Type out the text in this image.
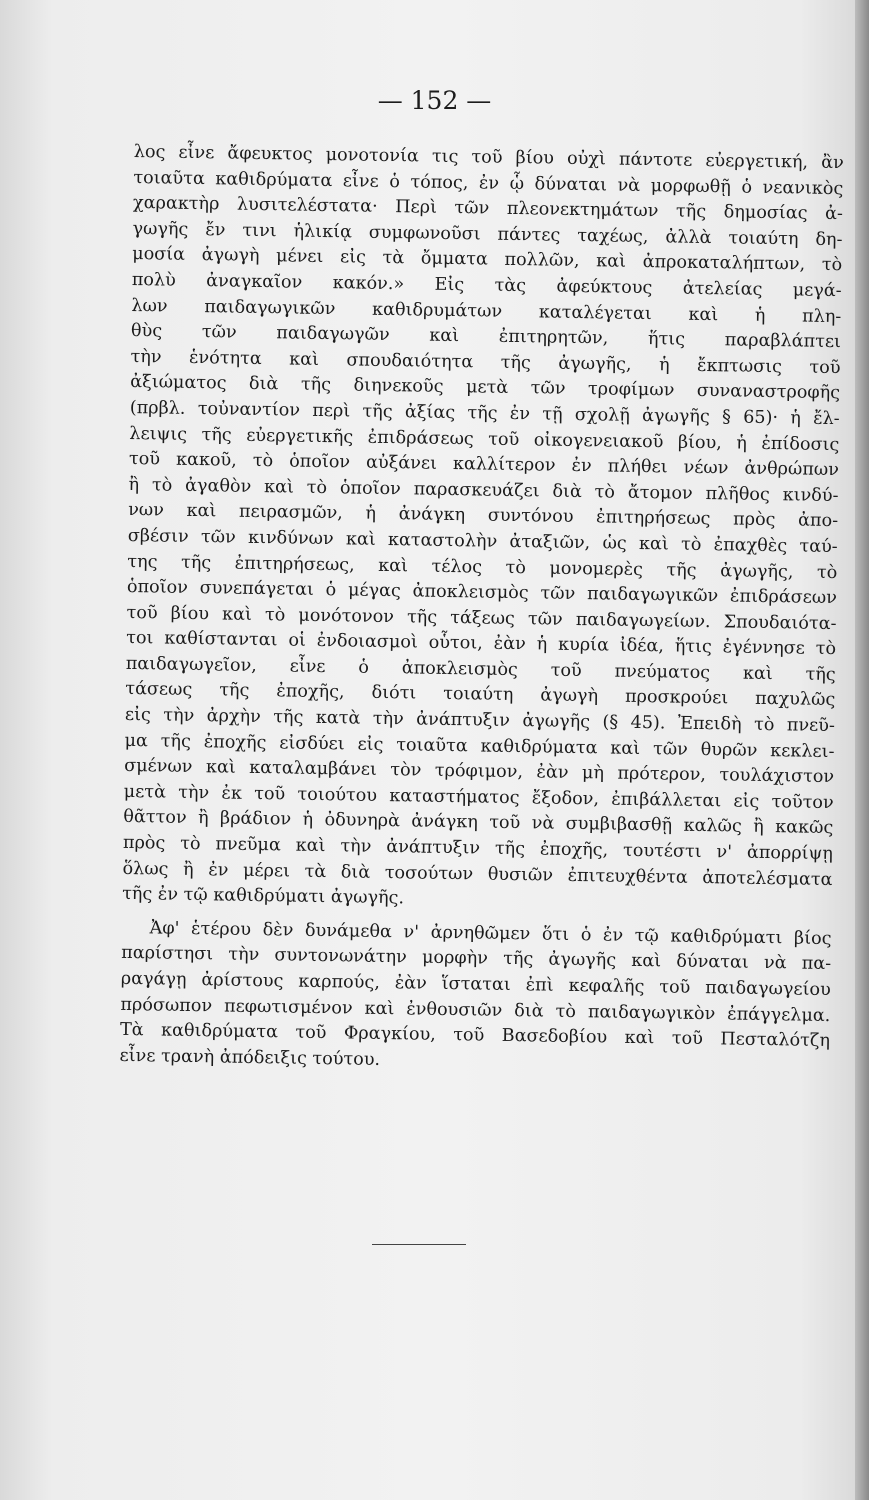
— 152 —

λος εἶνε ἄφευκτος μονοτονία τις τοῦ βίου οὐχὶ πάντοτε εὐεργετική, ἂν
τοιαῦτα καθιδρύματα εἶνε ὁ τόπος, ἐν ᾧ δύναται νὰ μορφωθῇ ὁ νεανικὸς
χαρακτὴρ λυσιτελέστατα· Περὶ τῶν πλεονεκτημάτων τῆς δημοσίας ἀ-
γωγῆς ἔν τινι ἡλικίᾳ συμφωνοῦσι πάντες ταχέως, ἀλλὰ τοιαύτη δη-
μοσία ἀγωγὴ μένει εἰς τὰ ὄμματα πολλῶν, καὶ ἀπροκαταλήπτων, τὸ
πολὺ ἀναγκαῖον κακόν.» Εἰς τὰς ἀφεύκτους ἀτελείας μεγά-
λων παιδαγωγικῶν καθιδρυμάτων καταλέγεται καὶ ἡ πλη-
θὺς τῶν παιδαγωγῶν καὶ ἐπιτηρητῶν, ἥτις παραβλάπτει
τὴν ἑνότητα καὶ σπουδαιότητα τῆς ἀγωγῆς, ἡ ἔκπτωσις τοῦ
ἀξιώματος διὰ τῆς διηνεκοῦς μετὰ τῶν τροφίμων συναναστροφῆς
(πρβλ. τοὐναντίον περὶ τῆς ἀξίας τῆς ἐν τῇ σχολῇ ἀγωγῆς § 65)· ἡ ἔλ-
λειψις τῆς εὐεργετικῆς ἐπιδράσεως τοῦ οἰκογενειακοῦ βίου, ἡ ἐπίδοσις
τοῦ κακοῦ, τὸ ὁποῖον αὐξάνει καλλίτερον ἐν πλήθει νέων ἀνθρώπων
ἢ τὸ ἀγαθὸν καὶ τὸ ὁποῖον παρασκευάζει διὰ τὸ ἄτομον πλῆθος κινδύ-
νων καὶ πειρασμῶν, ἡ ἀνάγκη συντόνου ἐπιτηρήσεως πρὸς ἀπο-
σβέσιν τῶν κινδύνων καὶ καταστολὴν ἀταξιῶν, ὡς καὶ τὸ ἐπαχθὲς ταύ-
της τῆς ἐπιτηρήσεως, καὶ τέλος τὸ μονομερὲς τῆς ἀγωγῆς, τὸ
ὁποῖον συνεπάγεται ὁ μέγας ἀποκλεισμὸς τῶν παιδαγωγικῶν ἐπιδράσεων
τοῦ βίου καὶ τὸ μονότονον τῆς τάξεως τῶν παιδαγωγείων. Σπουδαιότα-
τοι καθίστανται οἱ ἐνδοιασμοὶ οὗτοι, ἐὰν ἡ κυρία ἰδέα, ἥτις ἐγέννησε τὸ
παιδαγωγεῖον, εἶνε ὁ ἀποκλεισμὸς τοῦ πνεύματος καὶ τῆς
τάσεως τῆς ἐποχῆς, διότι τοιαύτη ἀγωγὴ προσκρούει παχυλῶς
εἰς τὴν ἀρχὴν τῆς κατὰ τὴν ἀνάπτυξιν ἀγωγῆς (§ 45). Ἐπειδὴ τὸ πνεῦ-
μα τῆς ἐποχῆς εἰσδύει εἰς τοιαῦτα καθιδρύματα καὶ τῶν θυρῶν κεκλει-
σμένων καὶ καταλαμβάνει τὸν τρόφιμον, ἐὰν μὴ πρότερον, τουλάχιστον
μετὰ τὴν ἐκ τοῦ τοιούτου καταστήματος ἔξοδον, ἐπιβάλλεται εἰς τοῦτον
θᾶττον ἢ βράδιον ἡ ὀδυνηρὰ ἀνάγκη τοῦ νὰ συμβιβασθῇ καλῶς ἢ κακῶς
πρὸς τὸ πνεῦμα καὶ τὴν ἀνάπτυξιν τῆς ἐποχῆς, τουτέστι ν' ἀπορρίψῃ
ὅλως ἢ ἐν μέρει τὰ διὰ τοσούτων θυσιῶν ἐπιτευχθέντα ἀποτελέσματα
τῆς ἐν τῷ καθιδρύματι ἀγωγῆς.
Ἀφ' ἑτέρου δὲν δυνάμεθα ν' ἀρνηθῶμεν ὅτι ὁ ἐν τῷ καθιδρύματι βίος
παρίστησι τὴν συντονωνάτην μορφὴν τῆς ἀγωγῆς καὶ δύναται νὰ πα-
ραγάγῃ ἀρίστους καρπούς, ἐὰν ἵσταται ἐπὶ κεφαλῆς τοῦ παιδαγωγείου
πρόσωπον πεφωτισμένον καὶ ἐνθουσιῶν διὰ τὸ παιδαγωγικὸν ἐπάγγελμα.
Τὰ καθιδρύματα τοῦ Φραγκίου, τοῦ Βασεδοβίου καὶ τοῦ Πεσταλότζη
εἶνε τρανὴ ἀπόδειξις τούτου.
